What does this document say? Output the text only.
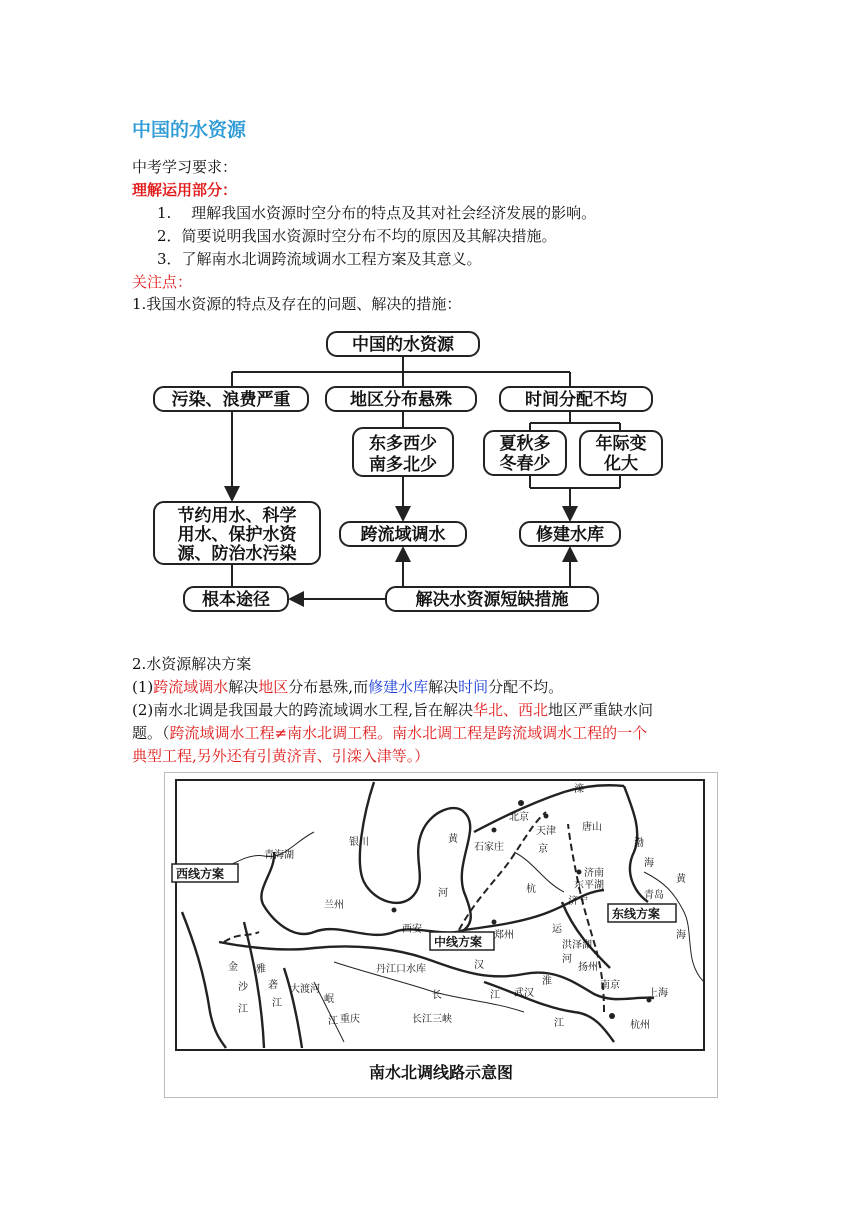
中国的水资源
中考学习要求：
理解运用部分：
1.　 理解我国水资源时空分布的特点及其对社会经济发展的影响。
2．简要说明我国水资源时空分布不均的原因及其解决措施。
3．了解南水北调跨流域调水工程方案及其意义。
关注点：
1.我国水资源的特点及存在的问题、解决的措施：
中国的水资源
污染、浪费严重	地区分布悬殊	时间分配不均
东多西少
南多北少
夏秋多
冬春少
年际变
化大
节约用水、科学
用水、保护水资
源、防治水污染
跨流域调水	修建水库
根本途径	解决水资源短缺措施
2.水资源解决方案
(1)跨流域调水解决地区分布悬殊,而修建水库解决时间分配不均。
(2)南水北调是我国最大的跨流域调水工程,旨在解决华北、西北地区严重缺水问
题。（跨流域调水工程≠南水北调工程。南水北调工程是跨流域调水工程的一个
典型工程,另外还有引黄济青、引滦入津等。）
西线方案
中线方案
东线方案
青海湖
银川
兰州
西安
郑州
北京
天津
石家庄
济南
青岛
唐山
黄
河
京
杭
运
滦
渤
海
黄
海
东平湖
济宁
洪泽湖
扬州
南京
上海
杭州
武汉
重庆
丹江口水库	汉
江
长
长江三峡
淮
金
沙
江
雅
砻
江
大渡河
岷
江	江
河
南水北调线路示意图
